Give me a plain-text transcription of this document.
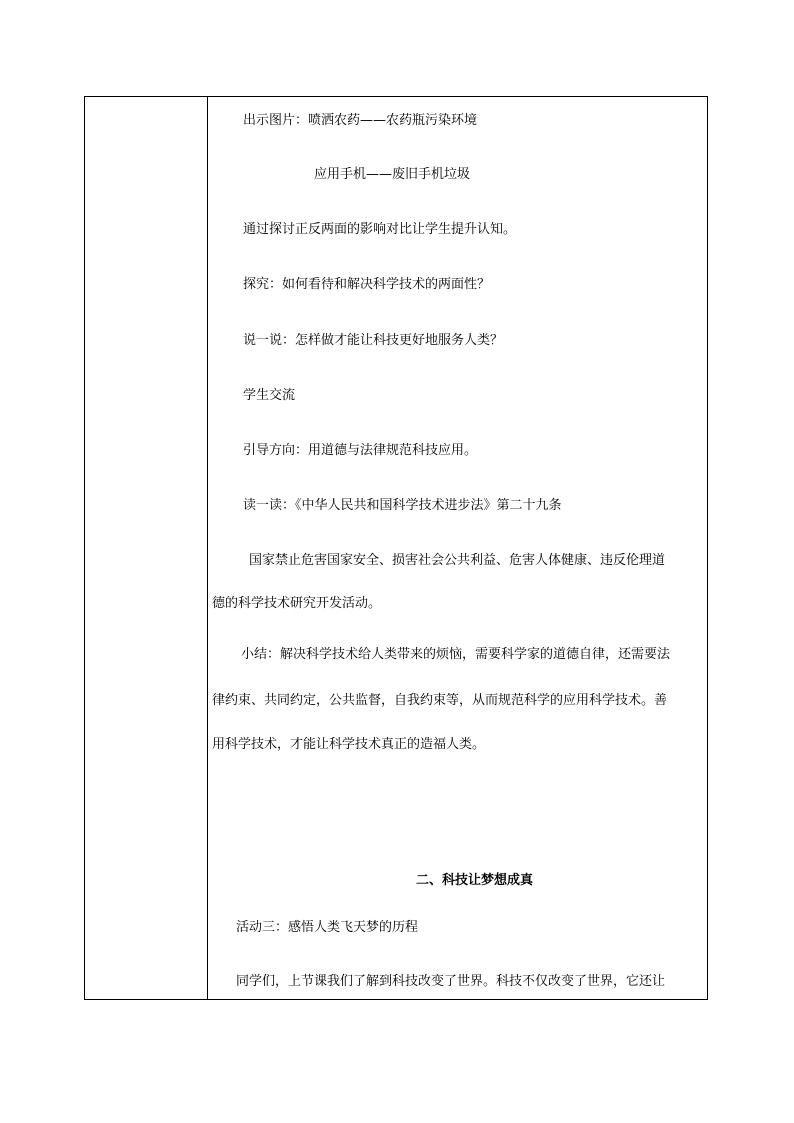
出示图片：喷洒农药——农药瓶污染环境
应用手机——废旧手机垃圾
通过探讨正反两面的影响对比让学生提升认知。
探究：如何看待和解决科学技术的两面性？
说一说：怎样做才能让科技更好地服务人类？
学生交流
引导方向：用道德与法律规范科技应用。
读一读：《中华人民共和国科学技术进步法》第二十九条
国家禁止危害国家安全、损害社会公共利益、危害人体健康、违反伦理道
德的科学技术研究开发活动。
小结：解决科学技术给人类带来的烦恼，需要科学家的道德自律，还需要法
律约束、共同约定，公共监督，自我约束等，从而规范科学的应用科学技术。善
用科学技术，才能让科学技术真正的造福人类。
二、科技让梦想成真
活动三：感悟人类飞天梦的历程
同学们，上节课我们了解到科技改变了世界。科技不仅改变了世界，它还让
